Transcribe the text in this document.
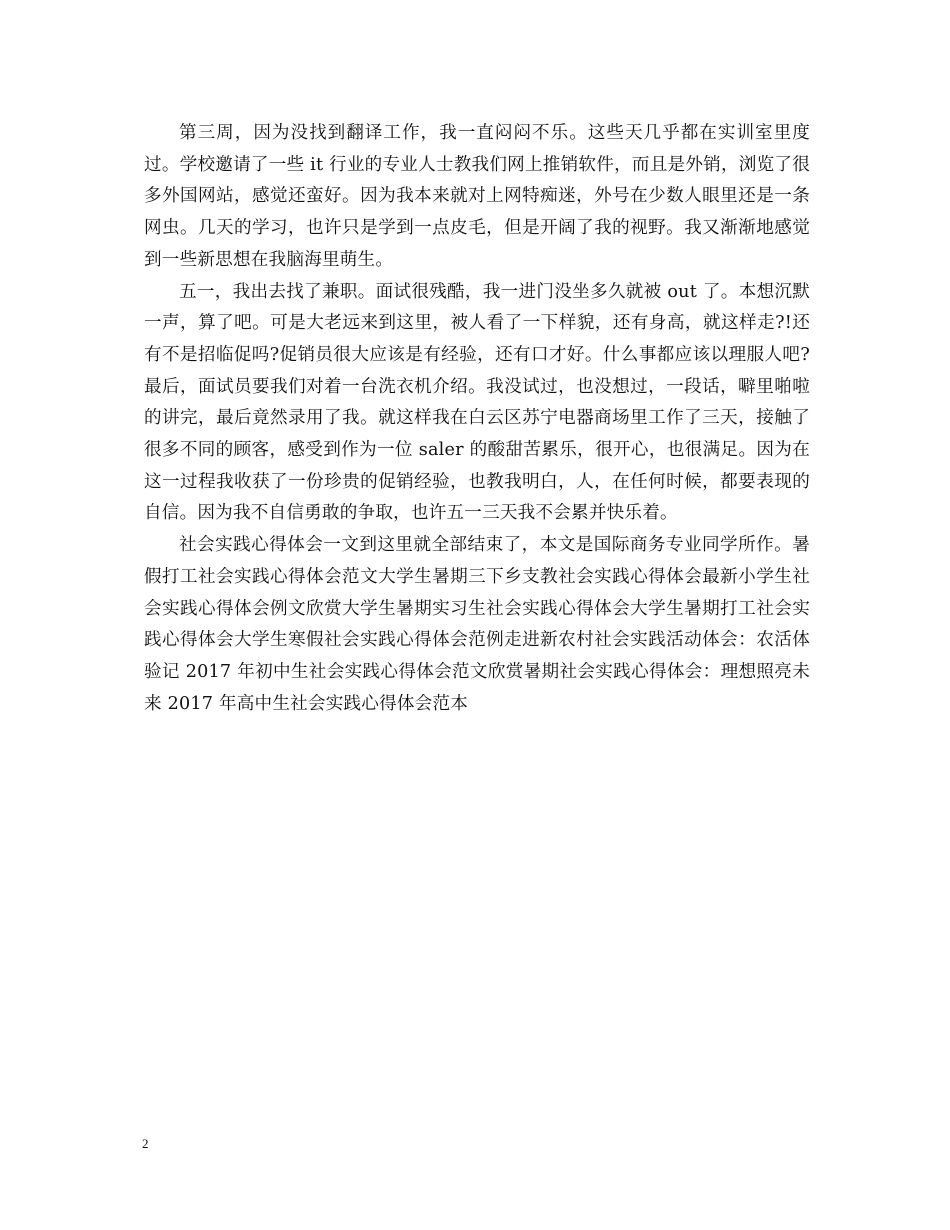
第三周，因为没找到翻译工作，我一直闷闷不乐。这些天几乎都在实训室里度过。学校邀请了一些 it 行业的专业人士教我们网上推销软件，而且是外销，浏览了很多外国网站，感觉还蛮好。因为我本来就对上网特痴迷，外号在少数人眼里还是一条网虫。几天的学习，也许只是学到一点皮毛，但是开阔了我的视野。我又渐渐地感觉到一些新思想在我脑海里萌生。

五一，我出去找了兼职。面试很残酷，我一进门没坐多久就被 out 了。本想沉默一声，算了吧。可是大老远来到这里，被人看了一下样貌，还有身高，就这样走?!还有不是招临促吗?促销员很大应该是有经验，还有口才好。什么事都应该以理服人吧?最后，面试员要我们对着一台洗衣机介绍。我没试过，也没想过，一段话，噼里啪啦的讲完，最后竟然录用了我。就这样我在白云区苏宁电器商场里工作了三天，接触了很多不同的顾客，感受到作为一位 saler 的酸甜苦累乐，很开心，也很满足。因为在这一过程我收获了一份珍贵的促销经验，也教我明白，人，在任何时候，都要表现的自信。因为我不自信勇敢的争取，也许五一三天我不会累并快乐着。

社会实践心得体会一文到这里就全部结束了，本文是国际商务专业同学所作。暑假打工社会实践心得体会范文大学生暑期三下乡支教社会实践心得体会最新小学生社会实践心得体会例文欣赏大学生暑期实习生社会实践心得体会大学生暑期打工社会实践心得体会大学生寒假社会实践心得体会范例走进新农村社会实践活动体会：农活体验记 2017 年初中生社会实践心得体会范文欣赏暑期社会实践心得体会：理想照亮未来 2017 年高中生社会实践心得体会范本

2
